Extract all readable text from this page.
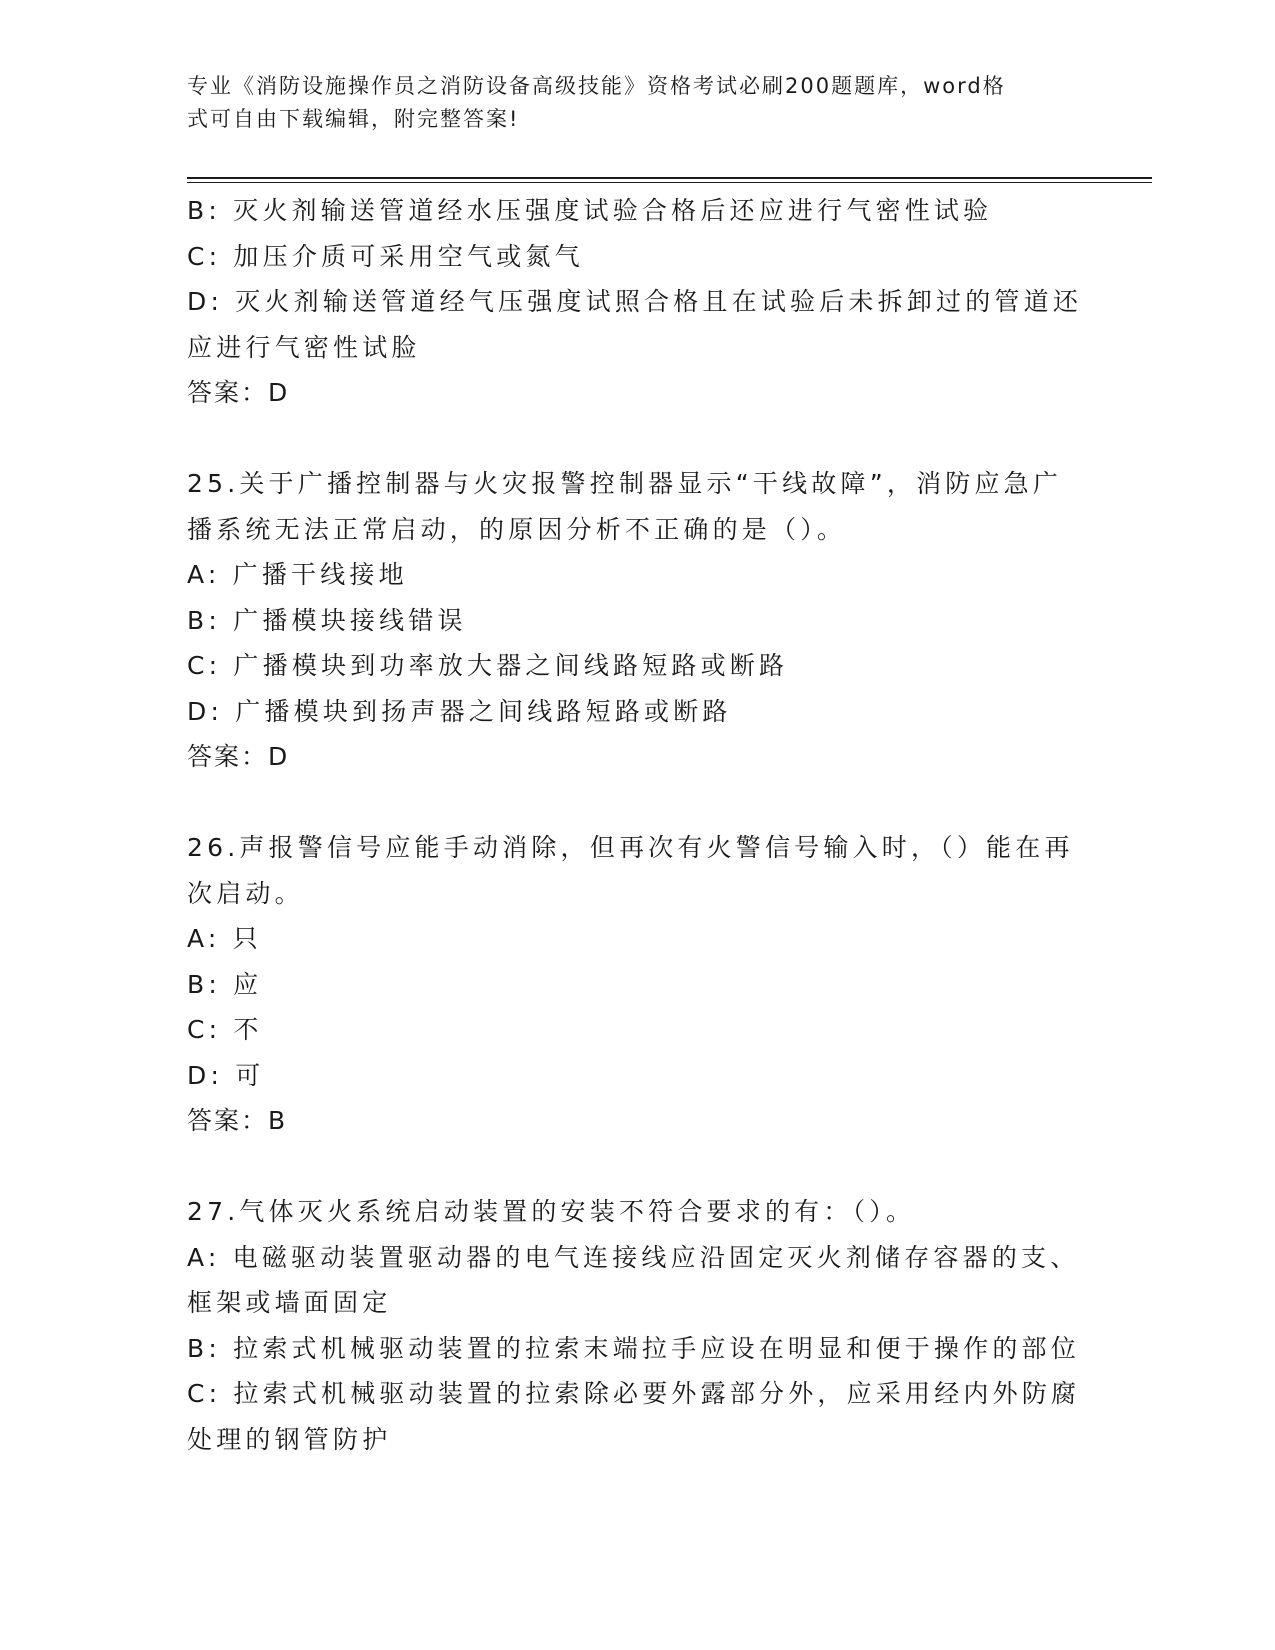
专业《消防设施操作员之消防设备高级技能》资格考试必刷200题题库，word格
式可自由下载编辑，附完整答案!
B: 灭火剂输送管道经水压强度试验合格后还应进行气密性试验
C: 加压介质可采用空气或氮气
D: 灭火剂输送管道经气压强度试照合格且在试验后未拆卸过的管道还
应进行气密性试脸
答案：D
25.关于广播控制器与火灾报警控制器显示“干线故障”，消防应急广
播系统无法正常启动，的原因分析不正确的是（）。
A: 广播干线接地
B: 广播模块接线错误
C: 广播模块到功率放大器之间线路短路或断路
D: 广播模块到扬声器之间线路短路或断路
答案：D
26.声报警信号应能手动消除，但再次有火警信号输入时，（）能在再
次启动。
A: 只
B: 应
C: 不
D: 可
答案：B
27.气体灭火系统启动装置的安装不符合要求的有：（）。
A: 电磁驱动装置驱动器的电气连接线应沿固定灭火剂储存容器的支、
框架或墙面固定
B: 拉索式机械驱动装置的拉索末端拉手应设在明显和便于操作的部位
C: 拉索式机械驱动装置的拉索除必要外露部分外，应采用经内外防腐
处理的钢管防护
